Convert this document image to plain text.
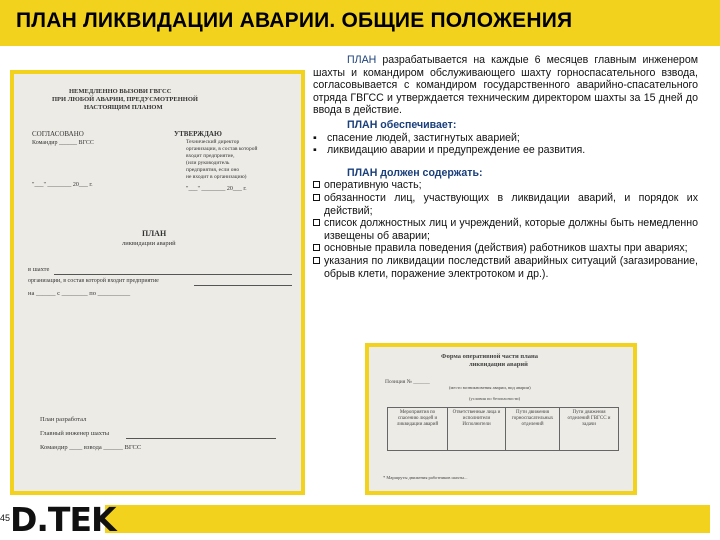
ПЛАН ЛИКВИДАЦИИ АВАРИИ. ОБЩИЕ ПОЛОЖЕНИЯ
НЕМЕДЛЕННО ВЫЗОВИ ГВГСС
ПРИ ЛЮБОЙ АВАРИИ, ПРЕДУСМОТРЕННОЙ
НАСТОЯЩИМ ПЛАНОМ
СОГЛАСОВАНО
Командир ______ ВГСС
УТВЕРЖДАЮ
Технический директор
организации, в состав которой
входит предприятие,
(или руководитель
предприятия, если оно
не входит в организацию)
"___" ________ 20___ г.
"___" ________ 20___ г.
ПЛАН
ликвидации аварий
в шахте
организации, в состав которой входит предприятие
на ______ с ________ по __________
План разработал
Главный инженер шахты
Командир ____ взвода ______ ВГСС

ПЛАН разрабатывается на каждые 6 месяцев главным инженером шахты и командиром обслуживающего шахту горноспасательного взвода, согласовывается с командиром государственного аварийно-спасательного отряда ГВГСС и утверждается техническим директором шахты за 15 дней до ввода в действие.

ПЛАН обеспечивает:
▪ спасение людей, застигнутых аварией;
▪ ликвидацию аварии и предупреждение ее развития.
ПЛАН должен содержать:
оперативную часть;
обязанности лиц, участвующих в ликвидации аварий, и порядок их действий;
список должностных лиц и учреждений, которые должны быть немедленно извещены об аварии;
основные правила поведения (действия) работников шахты при авариях;
указания по ликвидации последствий аварийных ситуаций (загазирование, обрыв клети, поражение электротоком и др.).
Форма оперативной части плана
ликвидации аварий
Позиция № ______
(место возникновения аварии, вид аварии)
(условия по безопасности)
Мероприятия по спасению людей и ликвидации аварий
Ответственные лица и исполнители
Исполнители
Пути движения горноспасательных отделений
Пути движения отделений ГВГСС и задачи
* Маршруты движения работников шахты...
D.TEK
45
